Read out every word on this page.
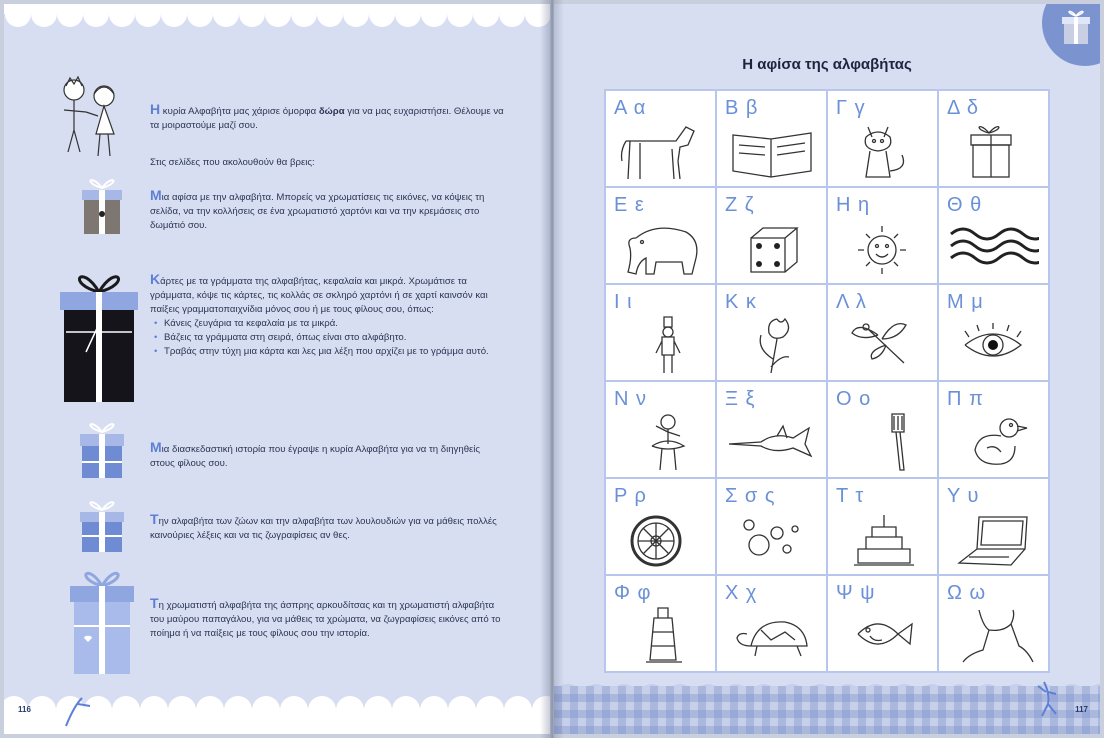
Η κυρία Αλφαβήτα μας χάρισε όμορφα δώρα για να μας ευχαριστήσει. Θέλουμε να τα μοιραστούμε μαζί σου.
Στις σελίδες που ακολουθούν θα βρεις:
Μια αφίσα με την αλφαβήτα. Μπορείς να χρωματίσεις τις εικόνες, να κόψεις τη σελίδα, να την κολλήσεις σε ένα χρωματιστό χαρτόνι και να την κρεμάσεις στο δωμάτιό σου.
Κάρτες με τα γράμματα της αλφαβήτας, κεφαλαία και μικρά. Χρωμάτισε τα γράμματα, κόψε τις κάρτες, τις κολλάς σε σκληρό χαρτόνι ή σε χαρτί καινσόν και παίξεις γραμματοπαιχνίδια μόνος σου ή με τους φίλους σου, όπως:
• Κάνεις ζευγάρια τα κεφαλαία με τα μικρά.
• Βάζεις τα γράμματα στη σειρά, όπως είναι στο αλφάβητο.
• Τραβάς στην τύχη μια κάρτα και λες μια λέξη που αρχίζει με το γράμμα αυτό.
Μια διασκεδαστική ιστορία που έγραψε η κυρία Αλφαβήτα για να τη διηγηθείς στους φίλους σου.
Την αλφαβήτα των ζώων και την αλφαβήτα των λουλουδιών για να μάθεις πολλές καινούριες λέξεις και να τις ζωγραφίσεις αν θες.
Τη χρωματιστή αλφαβήτα της άσπρης αρκουδίτσας και τη χρωματιστή αλφαβήτα του μαύρου παπαγάλου, για να μάθεις τα χρώματα, να ζωγραφίσεις εικόνες από το ποίημα ή να παίξεις με τους φίλους σου την ιστορία.
116
Η αφίσα της αλφαβήτας
Α α	Β β	Γ γ	Δ δ
Ε ε	Ζ ζ	Η η	Θ θ
Ι ι	Κ κ	Λ λ	Μ μ
Ν ν	Ξ ξ	Ο ο	Π π
Ρ ρ	Σ σ ς	Τ τ	Υ υ
Φ φ	Χ χ	Ψ ψ	Ω ω
117
